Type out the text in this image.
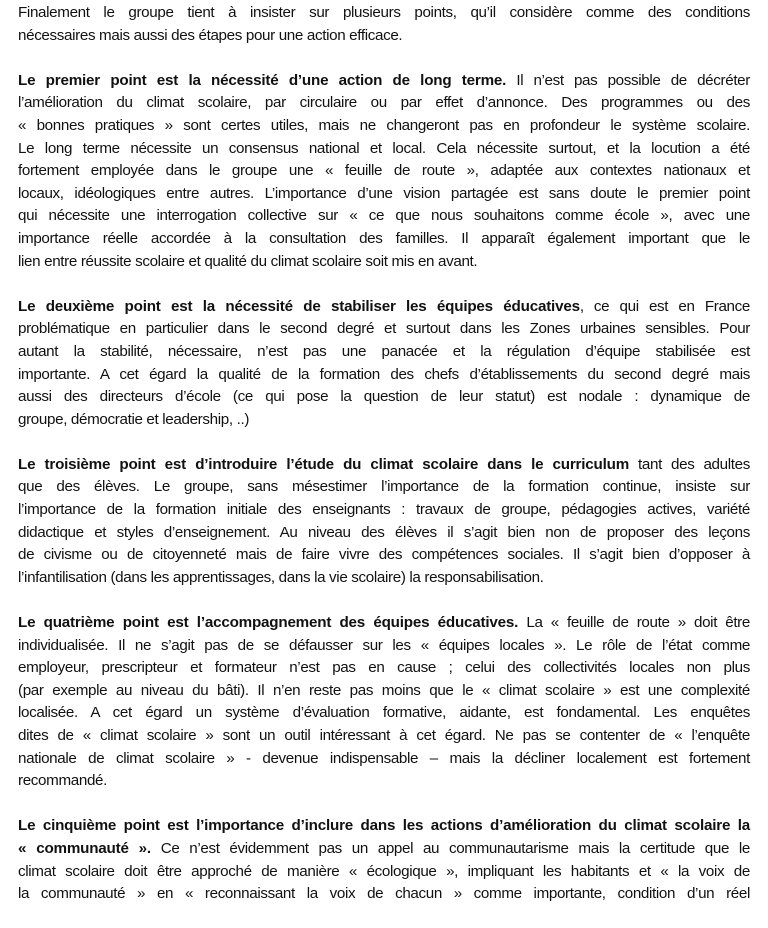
Finalement le groupe tient à insister sur plusieurs points, qu’il considère comme des conditions
nécessaires mais aussi des étapes pour une action efficace.
Le premier point est la nécessité d’une action de long terme. Il n’est pas possible de décréter
l’amélioration du climat scolaire, par circulaire ou par effet d’annonce. Des programmes ou des
« bonnes pratiques » sont certes utiles, mais ne changeront pas en profondeur le système scolaire.
Le long terme nécessite un consensus national et local. Cela nécessite surtout, et la locution a été
fortement employée dans le groupe une « feuille de route », adaptée aux contextes nationaux et
locaux, idéologiques entre autres. L’importance d’une vision partagée est sans doute le premier point
qui nécessite une interrogation collective sur « ce que nous souhaitons comme école », avec une
importance réelle accordée à la consultation des familles. Il apparaît également important que le
lien entre réussite scolaire et qualité du climat scolaire soit mis en avant.
Le deuxième point est la nécessité de stabiliser les équipes éducatives, ce qui est en France
problématique en particulier dans le second degré et surtout dans les Zones urbaines sensibles. Pour
autant la stabilité, nécessaire, n’est pas une panacée et la régulation d’équipe stabilisée est
importante. A cet égard la qualité de la formation des chefs d’établissements du second degré mais
aussi des directeurs d’école (ce qui pose la question de leur statut) est nodale : dynamique de
groupe, démocratie et leadership, ..)
Le troisième point est d’introduire l’étude du climat scolaire dans le curriculum tant des adultes
que des élèves. Le groupe, sans mésestimer l’importance de la formation continue, insiste sur
l’importance de la formation initiale des enseignants : travaux de groupe, pédagogies actives, variété
didactique et styles d’enseignement. Au niveau des élèves il s’agit bien non de proposer des leçons
de civisme ou de citoyenneté mais de faire vivre des compétences sociales. Il s’agit bien d’opposer à
l’infantilisation (dans les apprentissages, dans la vie scolaire) la responsabilisation.
Le quatrième point est l’accompagnement des équipes éducatives. La « feuille de route » doit être
individualisée. Il ne s’agit pas de se défausser sur les « équipes locales ». Le rôle de l’état comme
employeur, prescripteur et formateur n’est pas en cause ; celui des collectivités locales non plus
(par exemple au niveau du bâti). Il n’en reste pas moins que le « climat scolaire » est une complexité
localisée. A cet égard un système d’évaluation formative, aidante, est fondamental. Les enquêtes
dites de « climat scolaire » sont un outil intéressant à cet égard. Ne pas se contenter de « l’enquête
nationale de climat scolaire » - devenue indispensable – mais la décliner localement est fortement
recommandé.
Le cinquième point est l’importance d’inclure dans les actions d’amélioration du climat scolaire la
« communauté ». Ce n’est évidemment pas un appel au communautarisme mais la certitude que le
climat scolaire doit être approché de manière « écologique », impliquant les habitants et « la voix de
la communauté » en « reconnaissant la voix de chacun » comme importante, condition d’un réel
